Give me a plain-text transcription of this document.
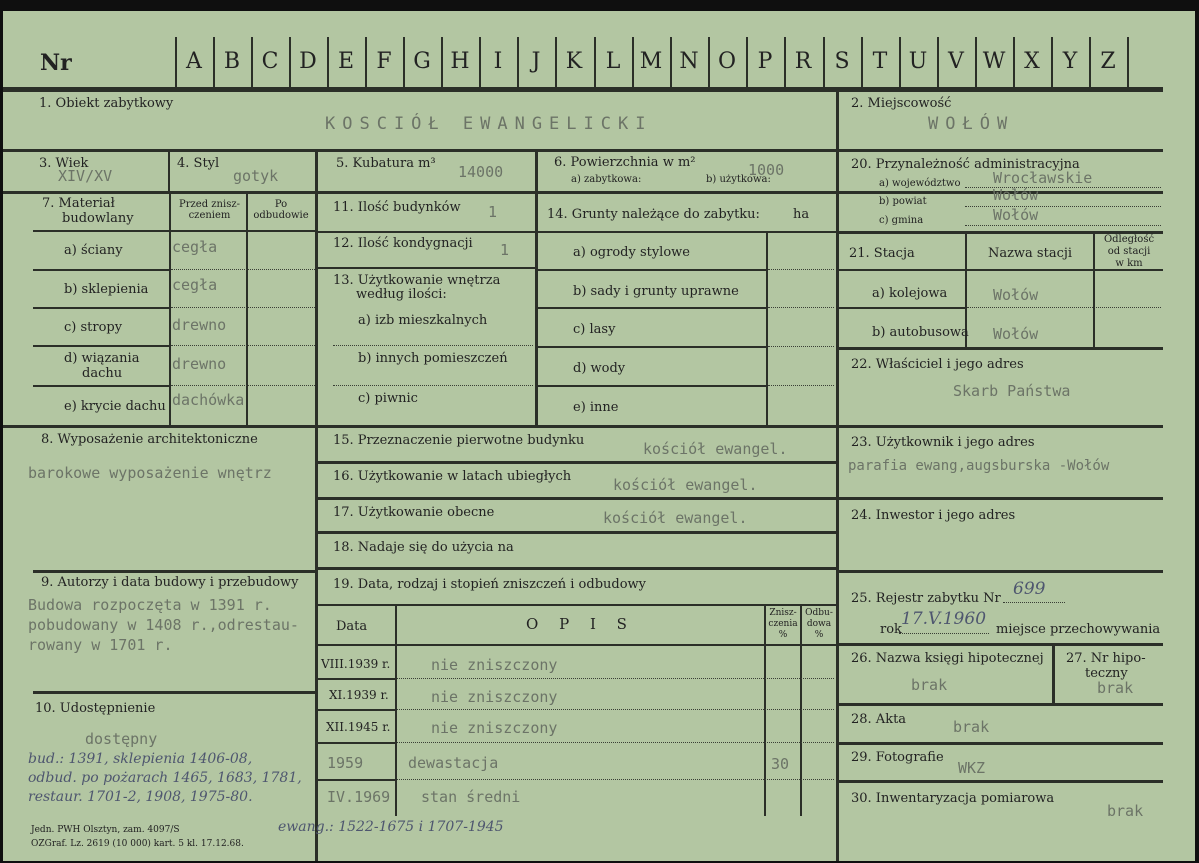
Nr	A B C D E	F G H	I	J	K	L M N O P	R	S	T U V W X	Y	Z
1. Obiekt zabytkowy
KOSCIÓŁ EWANGELICKI
2. Miejscowość
WOŁÓW
3. Wiek
XIV/XV
4. Styl
gotyk
5. Kubatura m³ 14000
6. Powierzchnia w m²
a) zabytkowa:	b) użytkowa:
1000
7. Materiał
budowlany
Przed znisz-
czeniem
Po
odbudowie
a) ściany	cegła
b) sklepienia cegła
c) stropy	drewno
d) wiązania
dachu
drewno
e) krycie dachu dachówka
11. Ilość budynków 1
12. Ilość kondygnacji 1
13. Użytkowanie wnętrza
według ilości:
a) izb mieszkalnych
b) innych pomieszczeń
c) piwnic
14. Grunty należące do zabytku:	ha
a) ogrody stylowe
b) sady i grunty uprawne
c) lasy
d) wody
e) inne
20. Przynależność administracyjna
a) województwo Wrocławskie
b) powiat	Wołów
c) gmina	Wołów
21. Stacja	Nazwa stacji
Odległość
od stacji
w km
a) kolejowa	Wołów
b) autobusowa Wołów
22. Właściciel i jego adres
Skarb Państwa
8. Wyposażenie architektoniczne
barokowe wyposażenie wnętrz
15. Przeznaczenie pierwotne budynku	kościół ewangel.
16. Użytkowanie w latach ubiegłych	kościół ewangel.
17. Użytkowanie obecne	kościół ewangel.
18. Nadaje się do użycia na
23. Użytkownik i jego adres
parafia ewang,augsburska -Wołów
24. Inwestor i jego adres
9. Autorzy i data budowy i przebudowy
Budowa rozpoczęta w 1391 r.
pobudowany w 1408 r.,odrestau-
rowany w 1701 r.
19. Data, rodzaj i stopień zniszczeń i odbudowy
Data	O P I S
Znisz-
czenia
%
Odbu-
dowa
%
VIII.1939 r.	nie zniszczony
XI.1939 r.	nie zniszczony
XII.1945 r.	nie zniszczony
1959	dewastacja	30
IV.1969 stan średni
25. Rejestr zabytku Nr 699
rok
17.V.1960
miejsce przechowywania
26. Nazwa księgi hipotecznej
brak
27. Nr hipo-
teczny
brak
28. Akta	brak
29. Fotografie
WKZ
30. Inwentaryzacja pomiarowa
brak
10. Udostępnienie
dostępny
bud.: 1391, sklepienia 1406-08,
odbud. po pożarach 1465, 1683, 1781,
restaur. 1701-2, 1908, 1975-80.
Jedn. PWH Olsztyn, zam. 4097/S
OZGraf. Lz. 2619 (10 000) kart. 5 kl. 17.12.68.
ewang.: 1522-1675 i 1707-1945
